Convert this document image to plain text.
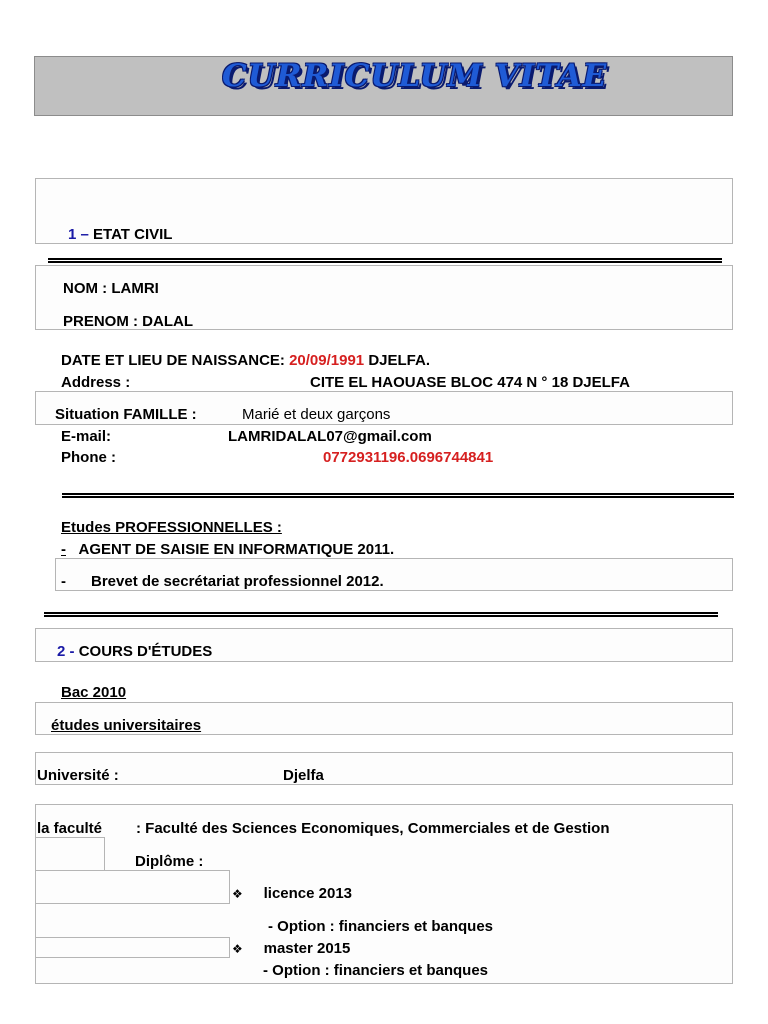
CURRICULUM VITAE
1 – ETAT CIVIL
NOM : LAMRI
PRENOM : DALAL
DATE ET LIEU DE NAISSANCE: 20/09/1991 DJELFA.
Address :	CITE EL HAOUASE BLOC 474 N ° 18 DJELFA
Situation FAMILLE :	Marié et deux garçons
E-mail:	LAMRIDALAL07@gmail.com
Phone :	0772931196.0696744841
Etudes PROFESSIONNELLES :
- AGENT DE SAISIE EN INFORMATIQUE 2011.
- Brevet de secrétariat professionnel 2012.
2 - COURS D'ÉTUDES
Bac 2010
études universitaires
Université :	Djelfa
la faculté : Faculté des Sciences Economiques, Commerciales et de Gestion
Diplôme :
❖ licence 2013
- Option : financiers et banques
❖ master 2015
- Option : financiers et banques
